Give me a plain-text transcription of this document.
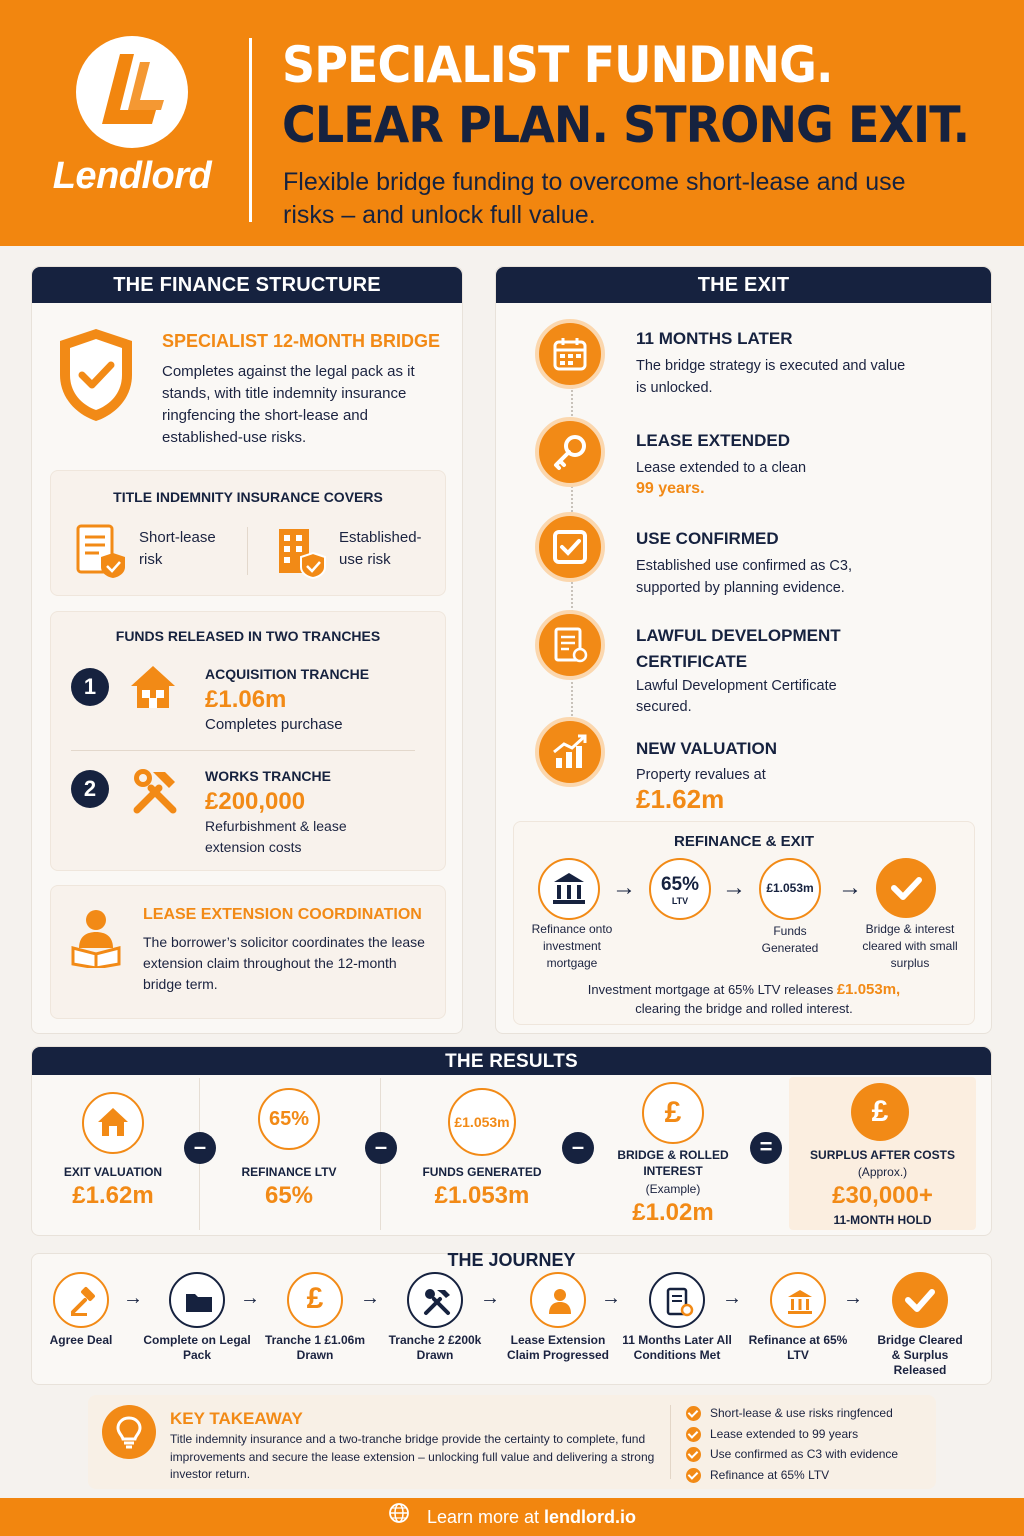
Lendlord
SPECIALIST FUNDING.
CLEAR PLAN. STRONG EXIT.
Flexible bridge funding to overcome short-lease and use risks – and unlock full value.
THE FINANCE STRUCTURE
SPECIALIST 12-MONTH BRIDGE
Completes against the legal pack as it stands, with title indemnity insurance ringfencing the short-lease and established-use risks.
TITLE INDEMNITY INSURANCE COVERS
Short-lease risk
Established-use risk
FUNDS RELEASED IN TWO TRANCHES
1	ACQUISITION TRANCHE
£1.06m
Completes purchase
2	WORKS TRANCHE
£200,000
Refurbishment & lease extension costs
LEASE EXTENSION COORDINATION
The borrower’s solicitor coordinates the lease extension claim throughout the 12-month bridge term.
THE EXIT
11 MONTHS LATER
The bridge strategy is executed and value is unlocked.
LEASE EXTENDED
Lease extended to a clean
99 years.
USE CONFIRMED
Established use confirmed as C3, supported by planning evidence.
LAWFUL DEVELOPMENT CERTIFICATE
Lawful Development Certificate secured.
NEW VALUATION
Property revalues at
£1.62m
REFINANCE & EXIT
→	65%
LTV	→	£1.053m →
Refinance onto investment mortgage
Funds Generated
Bridge & interest cleared with small surplus
Investment mortgage at 65% LTV releases £1.053m,
clearing the bridge and rolled interest.
THE RESULTS
EXIT VALUATION
£1.62m
–
65%
REFINANCE LTV
65%
–
£1.053m
FUNDS GENERATED
£1.053m
–
£
BRIDGE & ROLLED INTEREST
(Example)
£1.02m
=
£
SURPLUS AFTER COSTS
(Approx.)
£30,000+
11-MONTH HOLD
THE JOURNEY
Agree Deal
→
Complete on Legal Pack
→	£
Tranche 1 £1.06m Drawn
→
Tranche 2 £200k Drawn
→
Lease Extension Claim Progressed
→
11 Months Later All Conditions Met
→
Refinance at 65% LTV
→
Bridge Cleared & Surplus Released
KEY TAKEAWAY
Title indemnity insurance and a two-tranche bridge provide the certainty to complete, fund improvements and secure the lease extension – unlocking full value and delivering a strong investor return.
Short-lease & use risks ringfenced
Lease extended to 99 years
Use confirmed as C3 with evidence
Refinance at 65% LTV
Learn more at lendlord.io
